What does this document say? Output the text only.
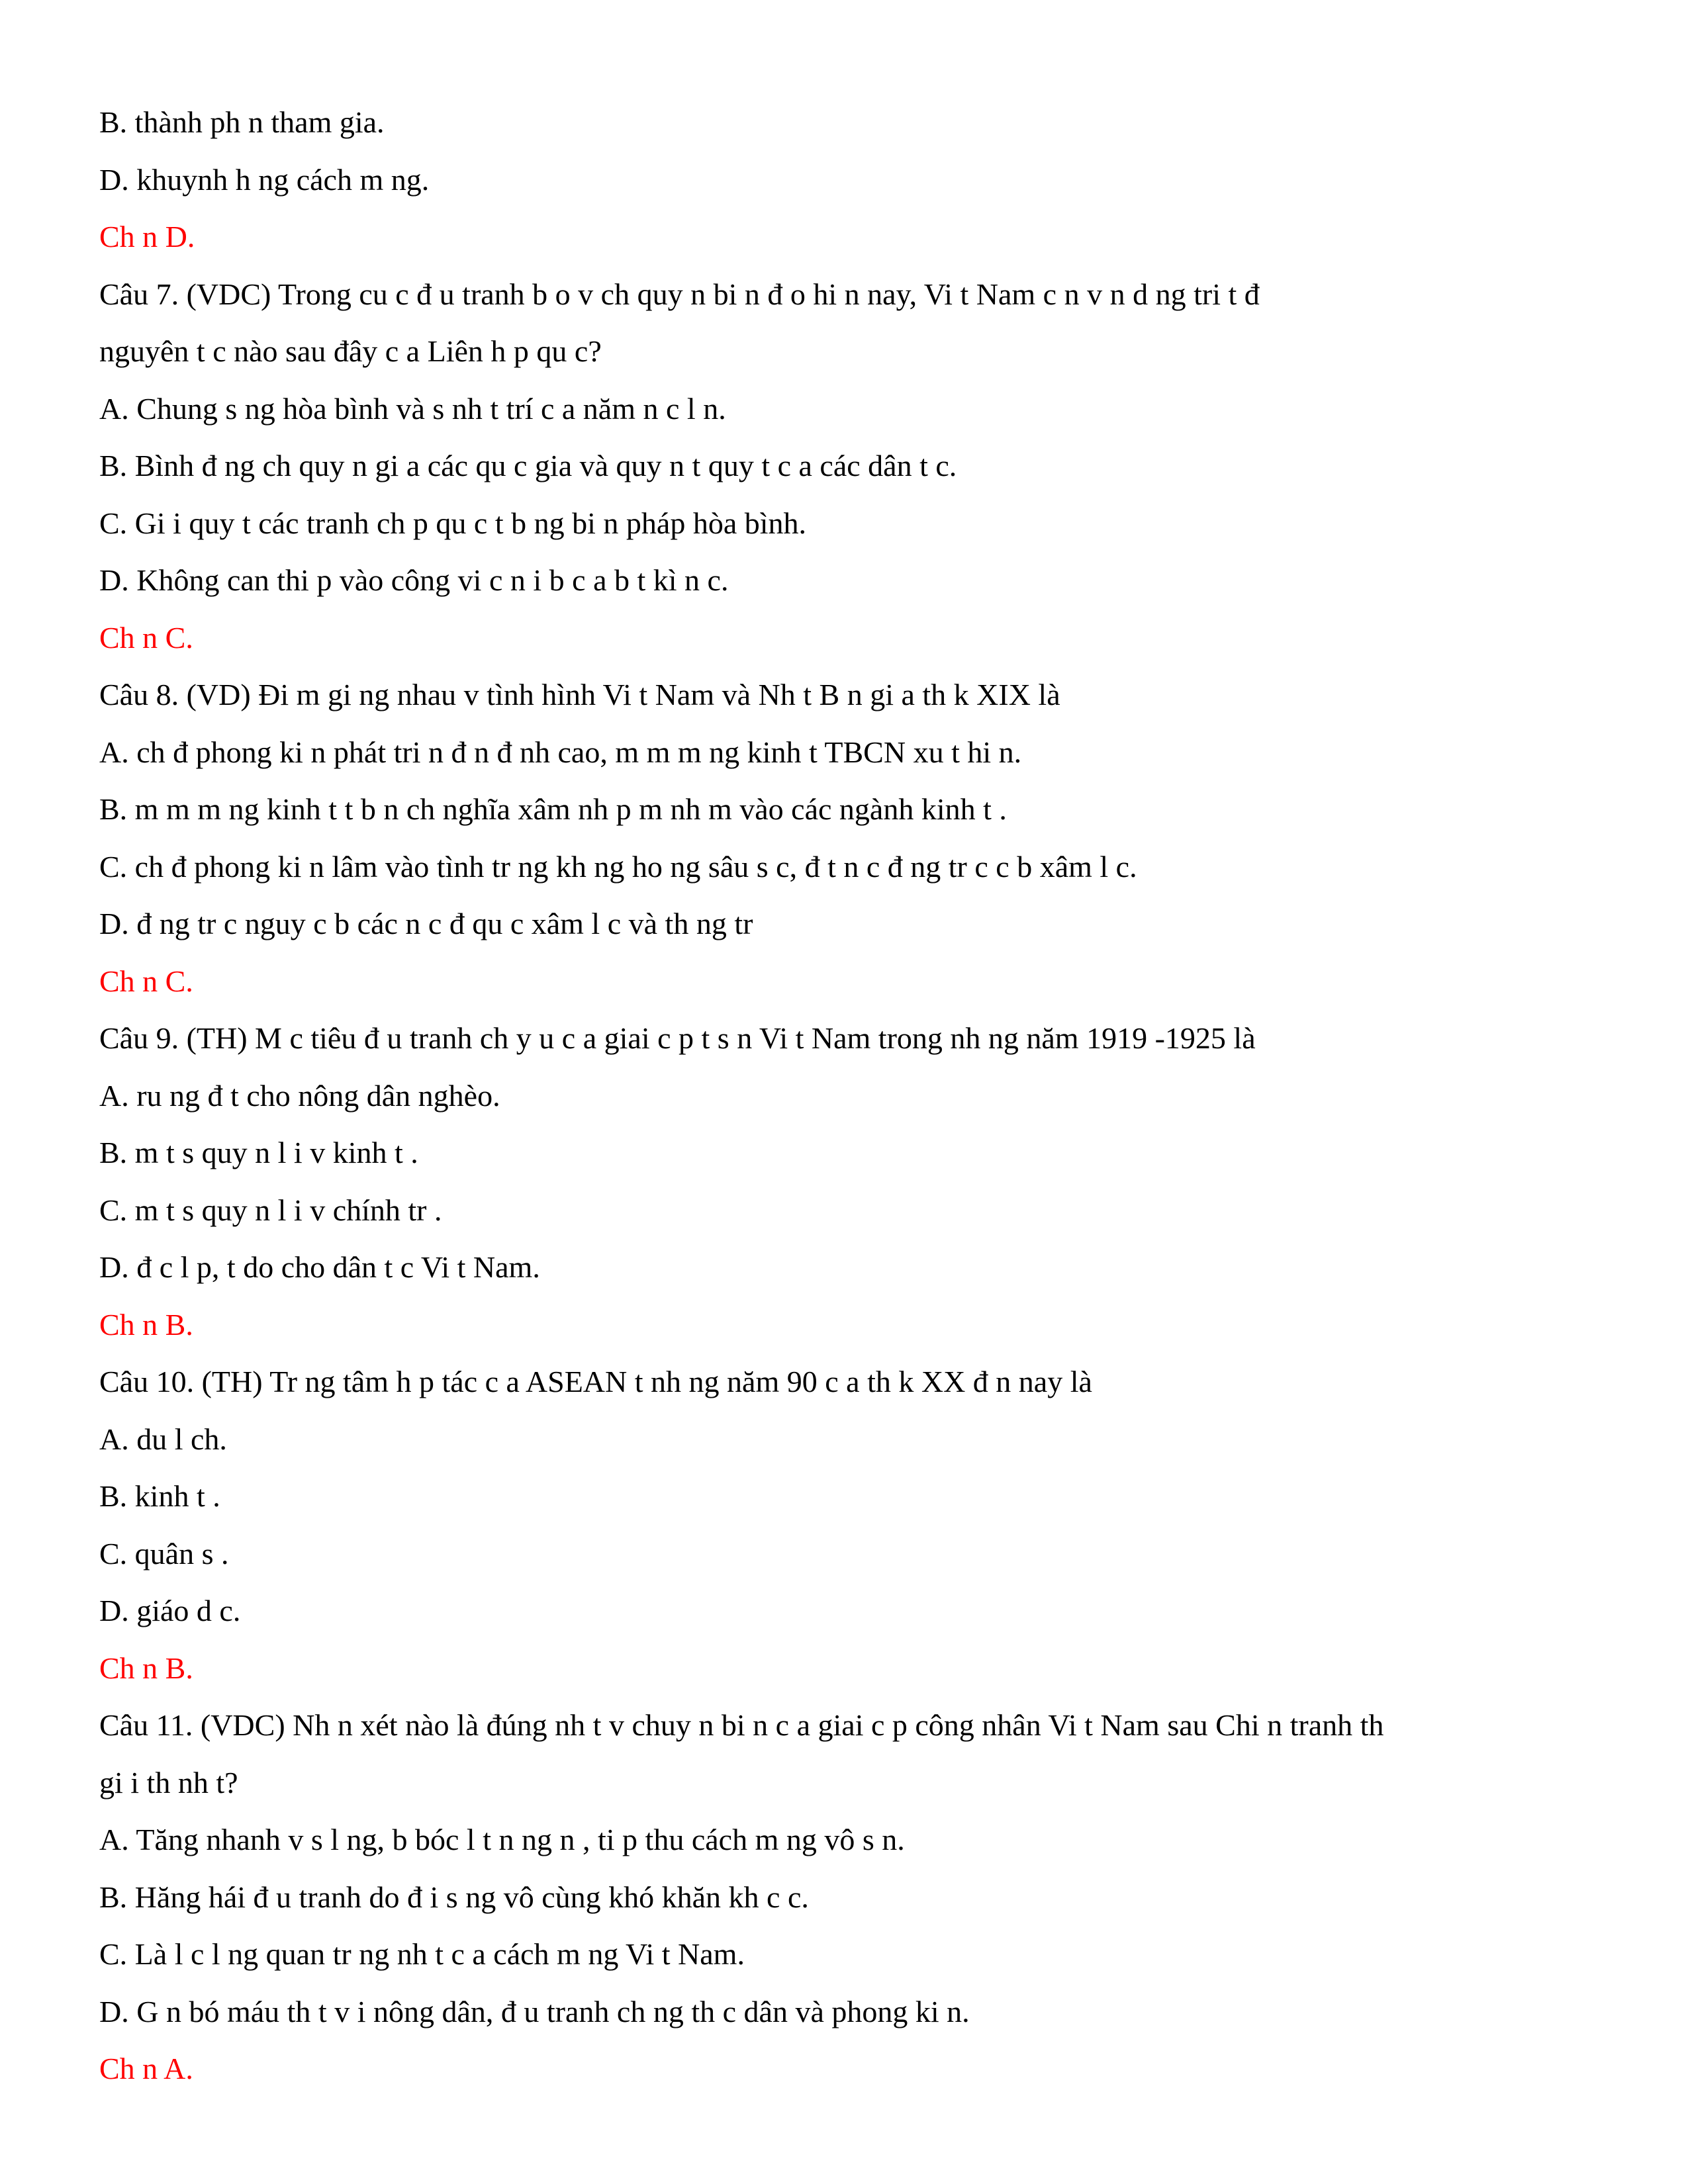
B. thành ph n tham gia.

D. khuynh h ng cách m ng.

Ch n D.

Câu 7. (VDC) Trong cu c đ u tranh b o v ch quy n bi n đ o hi n nay, Vi t Nam c n v n d ng tri t đ

nguyên t c nào sau đây c a Liên h p qu c?

A. Chung s ng hòa bình và s nh t trí c a năm n c l n.

B. Bình đ ng ch quy n gi a các qu c gia và quy n t quy t c a các dân t c.

C. Gi i quy t các tranh ch p qu c t b ng bi n pháp hòa bình.

D. Không can thi p vào công vi c n i b c a b t kì n c.

Ch n C.

Câu 8. (VD) Đi m gi ng nhau v tình hình Vi t Nam và Nh t B n gi a th k XIX là

A. ch đ phong ki n phát tri n đ n đ nh cao, m m m ng kinh t TBCN xu t hi n.

B. m m m ng kinh t t b n ch nghĩa xâm nh p m nh m vào các ngành kinh t .

C. ch đ phong ki n lâm vào tình tr ng kh ng ho ng sâu s c, đ t n c đ ng tr c c b xâm l c.

D. đ ng tr c nguy c b các n c đ qu c xâm l c và th ng tr

Ch n C.

Câu 9. (TH) M c tiêu đ u tranh ch y u c a giai c p t s n Vi t Nam trong nh ng năm 1919 -1925 là

A. ru ng đ t cho nông dân nghèo.

B. m t s quy n l i v kinh t .

C. m t s quy n l i v chính tr .

D. đ c l p, t do cho dân t c Vi t Nam.

Ch n B.

Câu 10. (TH) Tr ng tâm h p tác c a ASEAN t nh ng năm 90 c a th k XX đ n nay là

A. du l ch.

B. kinh t .

C. quân s .

D. giáo d c.

Ch n B.

Câu 11. (VDC) Nh n xét nào là đúng nh t v chuy n bi n c a giai c p công nhân Vi t Nam sau Chi n tranh th

gi i th nh t?

A. Tăng nhanh v s l ng, b bóc l t n ng n , ti p thu cách m ng vô s n.

B. Hăng hái đ u tranh do đ i s ng vô cùng khó khăn kh c c.

C. Là l c l ng quan tr ng nh t c a cách m ng Vi t Nam.

D. G n bó máu th t v i nông dân, đ u tranh ch ng th c dân và phong ki n.

Ch n A.
